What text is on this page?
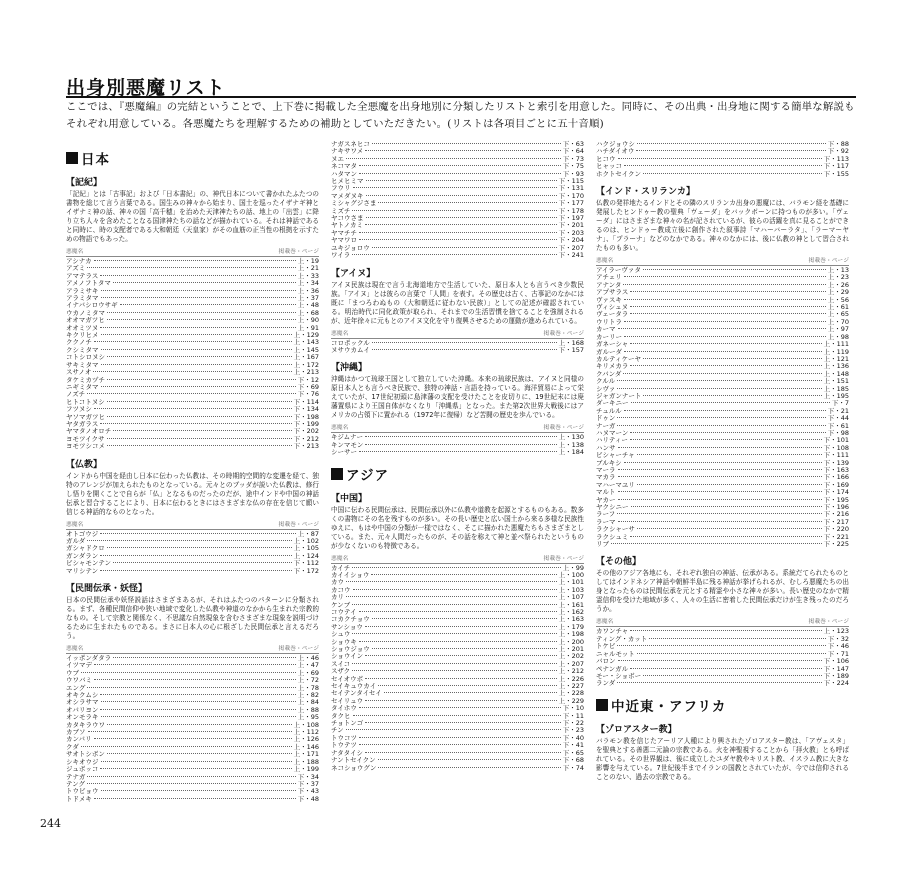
出身別悪魔リスト

ここでは、『悪魔編』の完結ということで、上下巻に掲載した全悪魔を出身地別に分類したリストと索引を用意した。同時に、その出典・出身地に関する簡単な解説もそれぞれ用意している。各悪魔たちを理解するための補助としていただきたい。(リストは各項目ごとに五十音順)

日本
【記紀】

「記紀」とは「古事記」および「日本書紀」の、神代日本について書かれたふたつの書物を総じて言う言葉である。国生みの神々から始まり、国土を巡ったイザナギ神とイザナミ神の話、神々の国「高千穂」を治めた天津神たちの話、地上の「出雲」に降り立ち人々を含めたことなる国津神たちの話などが描かれている。それは神話であると同時に、時の支配者である大和朝廷（天皇家）がその血筋の正当性の根拠を示すための物語でもあった。

悪魔名	掲載巻・ページ
アシナカ	上・19
アズミ	上・21
アマテラス	上・33
アメノフトタマ	上・34
アラミサキ	上・36
アラミタマ	上・37
イナバシロウサギ	上・48
ウカノミタマ	上・68
オオマガツヒ	上・90
オオミツヌ	上・91
キクリヒメ	上・129
ククノチ	上・143
クシミタマ	上・145
コトシロヌシ	上・167
サキミタマ	上・172
スサノオ	上・213
タケミカヅチ	下・12
ニギミタマ	下・69
ノズチ	下・76
ヒトコトヌシ	下・114
フツヌシ	下・134
ヤソマガツヒ	下・198
ヤタガラス	下・199
ヤマタノオロチ	下・202
ヨモツイクサ	下・212
ヨモツシコメ	下・213
【仏教】

インドから中国を経由し日本に伝わった仏教は、その時期的空間的な変遷を経て、独特のアレンジが加えられたものとなっている。元々とのブッダが説いた仏教は、修行し悟りを開くことで自らが「仏」となるものだったのだが、途中インドや中国の神話伝承と習合することにより、日本に伝わるときにはさまざまな仏の存在を信じて願い信じる神話的なものとなった。

悪魔名	掲載巻・ページ
オトゴウジ	上・87
ガルダ	上・102
ガシャドクロ	上・105
ガンダラン	上・124
ビシャモンテン	下・112
マリシテン	下・172
【民間伝承・妖怪】

日本の民間伝承や妖怪説話はさまざまあるが、それはふたつのパターンに分類される。まず、各種民間信仰や狭い地域で変化した仏教や神道のなかから生まれた宗教的なもの。そして宗教と関係なく、不思議な自然現象を含むさまざまな現象を説明づけるために生まれたものである。まさに日本人の心に根ざした民間伝承と言えるだろう。

悪魔名	掲載巻・ページ
イッポンダタラ	上・46
イツマデ	上・47
ウブ	上・69
ウワバミ	上・72
エング	上・78
オキクムシ	上・82
オシラサマ	上・84
オバリヨン	上・88
オンモラキ	上・95
カタキラウワ	上・108
カブソ	上・112
カンバリ	上・126
クダ	上・146
サオトシボン	上・171
シキオウジ	上・188
ジュボッコ	上・199
テナガ	下・34
テング	下・37
トウビョウ	下・43
トドメキ	下・48
ナガスネヒコ	下・63
ナキサワメ	下・64
ヌエ	下・73
ネコマタ	下・75
ハタマン	下・93
ヒメヒミマ	下・115
フウリ	下・131
マメダヌキ	下・170
ミシャグジさま	下・177
ミズチ	下・178
ヤコウさま	下・197
ヤトノカミ	下・201
ヤマチチ	下・203
ヤマワロ	下・204
ユキジョロウ	下・207
ワイラ	下・241
【アイヌ】

アイヌ民族は現在で言う北海道地方で生活していた、原日本人とも言うべき少数民族。「アイヌ」とは彼らの言葉で「人間」を表す。その歴史は古く、古事記のなかには既に「まつろわぬもの（大和朝廷に従わない民族）」としての記述が確認されている。明治時代に同化政策が取られ、それまでの生活習慣を捨てることを強制されるが、近年徐々に元もとのアイヌ文化を守り復興させるための運動が進められている。

悪魔名	掲載巻・ページ
コロポックル	上・168
ヌサウカムイ	下・157
【沖縄】

沖縄はかつて琉球王国として独立していた沖縄。本来の琉球民族は、アイヌと同様の原日本人とも言うべき民族で、独特の神話・言語を持っている。海洋貿易によって栄えていたが、17世紀初頭に島津藩の支配を受けたことを皮切りに、19世紀末には廃藩置県により王国自体がなくなり「沖縄県」となった。また第2次世界大戦後にはアメリカの占領下に置かれる（1972年に復帰）など苦闘の歴史を歩んでいる。

悪魔名	掲載巻・ページ
キジムナー	上・130
キンマモン	上・138
シーサー	上・184
アジア
【中国】

中国に伝わる民間伝承は、民間伝承以外に仏教や道教を起源とするものもある。数多くの書物にその名を残すものが多い。その長い歴史と広い国土から来る多様な民族性ゆえに、もはや中国の分類が一様ではなく、そこに描かれた悪魔たちもさまざまとしている。また、元々人間だったものが、その話を称えて神と並べ祭られたというものが少なくないのも特徴である。

悪魔名	掲載巻・ページ
カイチ	上・99
カイイショウ	上・100
カウ	上・101
カコウ	上・103
カリ	上・107
ケンブ	上・161
コウテイ	上・162
コカクチョウ	上・163
サンショウ	上・179
シュウ	上・198
ショウキ	上・200
ショウジョウ	上・201
ショウイン	上・202
スイコ	上・207
スザク	上・212
セイオウボ	上・226
セイキュウカイ	上・227
セイテンタイセイ	上・228
セイリュウ	上・229
タイホウ	下・10
タクヒ	下・11
チョトンゴ	下・22
チン	下・23
トウコツ	下・40
トウテツ	下・41
ナタタイシ	下・65
ナントセイクン	下・68
ネコショウグン	下・74
ハクジョウシ	下・88
ハチダイオウ	下・92
ヒコウ	下・113
ヒャッコ	下・117
ホクトセイクン	下・155
【インド・スリランカ】

仏教の発祥地たるインドとその隣のスリランカ出身の悪魔には、バラモン経を基礎に発展したヒンドゥー教の聖典「ヴェーダ」をバックボーンに持つものが多い。「ヴェーダ」にはさまざまな神々の名が記されているが、彼らの活躍を真に見ることができるのは、ヒンドゥー教成立後に創作された叙事詩「マハーバーラタ」、「ラーマーヤナ」、「プラーナ」などのなかである。神々のなかには、後に仏教の神として習合されたものも多い。

悪魔名	掲載巻・ページ
アイラーヴァタ	上・13
アチェリ	上・23
アナンタ	上・26
アプサラス	上・29
ヴァスキ	上・56
ヴィシュヌ	上・61
ヴェータラ	上・65
ウリトラ	上・70
カーマ	上・97
カーリー	上・98
ガネーシャ	上・111
ガルーダ	上・119
カルティケーヤ	上・121
キリメカラ	上・136
クバンダ	上・148
クルル	上・151
シヴァ	上・185
ジャガンナート	上・195
ダーキニー	下・7
チュルル	下・21
ドゥン	下・44
ナーガ	下・61
ハヌマーン	下・98
ハリティー	下・101
ハンサ	下・108
ビシャーチャ	下・111
ブルキシ	下・139
マーラ	下・163
マカラ	下・166
マハーマユリ	下・169
マルト	下・174
ヤカー	下・195
ヤクシニー	下・196
ラーフ	下・216
ラーマ	下・217
ラクシャーサ	下・220
ラクシュミ	下・221
リブ	下・225
【その他】

その他のアジア各地にも、それぞれ独自の神話、伝承がある。系統だてられたものとしてはインドネシア神話や朝鮮半島に残る神話が挙げられるが、むしろ悪魔たちの出身となったものは民間伝承を元とする精霊や小さな神々が多い。長い歴史のなかで精霊信仰を受けた地域が多く、人々の生活に密着した民間伝承だけが生き残ったのだろうか。

悪魔名	掲載巻・ページ
カワンチャ	上・123
ティング・カット	下・32
トケビ	下・46
ニャルモット	下・71
バロン	下・106
ペナンガル	下・147
モー・ショボー	下・189
ランダ	下・224
中近東・アフリカ
【ゾロアスター教】

バラモン教を信じたアーリア人種により興されたゾロアスター教は、「アヴェスタ」を聖典とする善悪二元論の宗教である。火を神聖視することから「拝火教」とも呼ばれている。その世界観は、後に成立したユダヤ教やキリスト教、イスラム教に大きな影響を与えている。7世紀後半までイランの国教とされていたが、今では信仰されることのない、過去の宗教である。

244
